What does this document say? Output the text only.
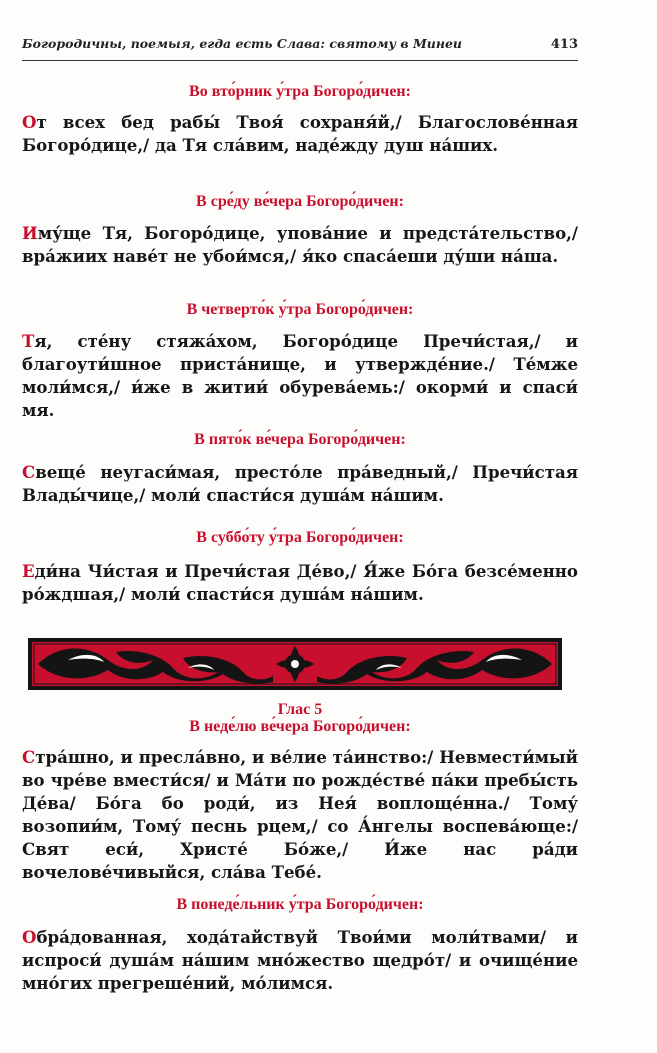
Богородичны, поемыя, егда есть Слава: святому в Минеи	413
Во вто́рник у́тра Богоро́дичен:
От всех бед рабы́ Твоя́ сохраня́й,/ Благослове́нная Богоро́дице,/ да Тя сла́вим, наде́жду душ на́ших.
В сре́ду ве́чера Богоро́дичен:
Иму́ще Тя, Богоро́дице, упова́ние и предста́тельство,/ вра́жиих наве́т не убои́мся,/ я́ко спаса́еши ду́ши на́ша.
В четверто́к у́тра Богоро́дичен:
Тя, сте́ну стяжа́хом, Богоро́дице Пречи́стая,/ и благоути́шное приста́нище, и утвержде́ние./ Те́мже моли́мся,/ и́же в житии́ обурева́емь:/ окорми́ и спаси́ мя.
В пято́к ве́чера Богоро́дичен:
Свеще́ неугаси́мая, престо́ле пра́ведный,/ Пречи́стая Влады́чице,/ моли́ спасти́ся душа́м на́шим.
В суббо́ту у́тра Богоро́дичен:
Еди́на Чи́стая и Пречи́стая Де́во,/ Я́же Бо́га безсе́менно ро́ждшая,/ моли́ спасти́ся душа́м на́шим.
Глас 5
В неде́лю ве́чера Богоро́дичен:
Стра́шно, и пресла́вно, и ве́лие та́инство:/ Невмести́мый во чре́ве вмести́ся/ и Ма́ти по рожде́стве́ па́ки пребы́сть Де́ва/ Бо́га бо роди́, из Нея́ воплоще́нна./ Тому́ возопии́м, Тому́ песнь рцем,/ со А́нгелы воспева́юще:/ Свят еси́, Христе́ Бо́же,/ И́же нас ра́ди вочелове́чивыйся, сла́ва Тебе́.
В понеде́льник у́тра Богоро́дичен:
Обра́дованная, хода́тайствуй Твои́ми моли́твами/ и испроси́ душа́м на́шим мно́жество щедро́т/ и очище́ние мно́гих прегреше́ний, мо́лимся.
